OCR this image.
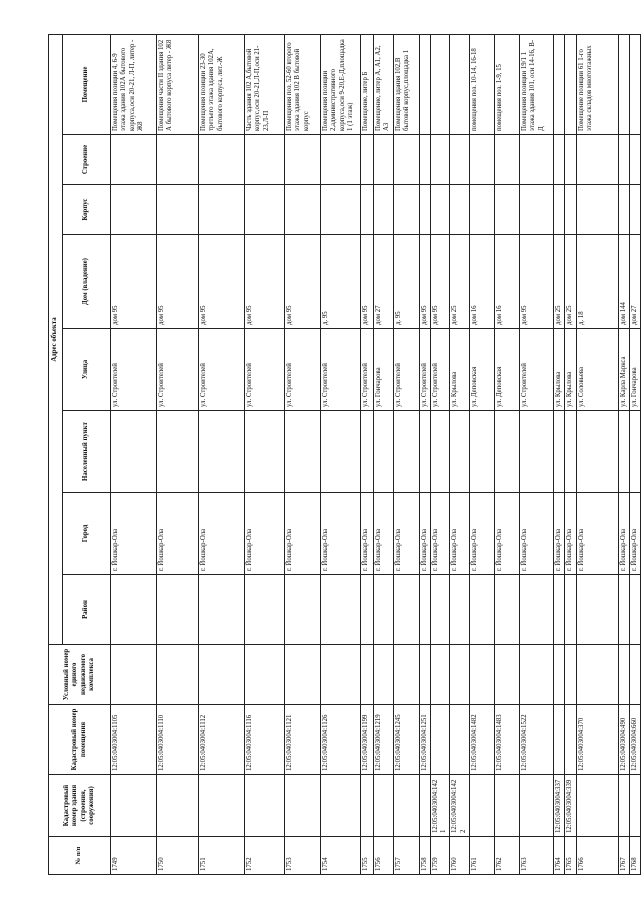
№ п/п	Кадастровый номер здания (строения, сооружения)	Кадастровый номер помещения	Условный номер единого недвижимого комплекса	Адрес объекта							
				Район	Город	Населенный пункт	Улица	Дом (владение)	Корпус	Строение	Помещение
1749		12:05:0403004:1105			г. Йошкар-Ола		ул. Строителей	дом 95			Помещения позиции 4, 6-9 этажа здания 102А бытового корпуса,оси 20-21, Л-П, литер - Ж8
1750		12:05:0403004:1110			г. Йошкар-Ола		ул. Строителей	дом 95			Помещения части II здания 102 А бытового корпуса литер - Ж8
1751		12:05:0403004:1112			г. Йошкар-Ола		ул. Строителей	дом 95			Помещения позиции 23-30 третьего этажа здания 102А, бытового корпуса, лит.-Ж
1752		12:05:0403004:1116			г. Йошкар-Ола		ул. Строителей	дом 95			Часть здания 102 А,бытовой корпус,оси 20-21,Л-П,оси 21-23,Л-П
1753		12:05:0403004:1121			г. Йошкар-Ола		ул. Строителей	дом 95			Помещения поз. 52-60 второго этажа здания 102 В бытовой корпус
1754		12:05:0403004:1126			г. Йошкар-Ола		ул. Строителей	д. 95			Помещения позиции 2,административного корпуса,оси 9-20,Е-Д,площадка 1 (1 этаж)
1755		12:05:0403004:1199			г. Йошкар-Ола		ул. Строителей	дом 95			Помещение, литер Б
1756		12:05:0403004:1219			г. Йошкар-Ола		ул. Гончарова	дом 27			Помещение, литер А, А1, А2, А3
1757		12:05:0403004:1245			г. Йошкар-Ола		ул. Строителей	д. 95			Помещения здания 102,В бытовой корпус,площадка 1
1758		12:05:0403004:1251			г. Йошкар-Ола		ул. Строителей	дом 95			
1759	12:05:0403004:1421				г. Йошкар-Ола		ул. Строителей	дом 95			
1760	12:05:0403004:1422				г. Йошкар-Ола		ул. Крылова	дом 25			
1761		12:05:0403004:1482			г. Йошкар-Ола		ул. Деповская	дом 16			помещения поз. 10-14, 16-18
1762		12:05:0403004:1483			г. Йошкар-Ола		ул. Деповская	дом 16			помещения поз. 1-9, 15
1763		12:05:0403004:1522			г. Йошкар-Ола		ул. Строителей	дом 95			Помещения позиции 19/1 1 этажа здания 101, оси 14-16, В-Д
1764	12:05:0403004:337				г. Йошкар-Ола		ул. Крылова	дом 25			
1765	12:05:0403004:339				г. Йошкар-Ола		ул. Крылова	дом 25			
1766		12:05:0403004:370			г. Йошкар-Ола		ул. Соловьева	д. 18			Помещение позиции 61 1-го этажа складов многоэтажных
1767		12:05:0403004:490			г. Йошкар-Ола		ул. Карла Маркса	дом 144			
1768		12:05:0403004:660			г. Йошкар-Ола		ул. Гончарова	дом 27			
